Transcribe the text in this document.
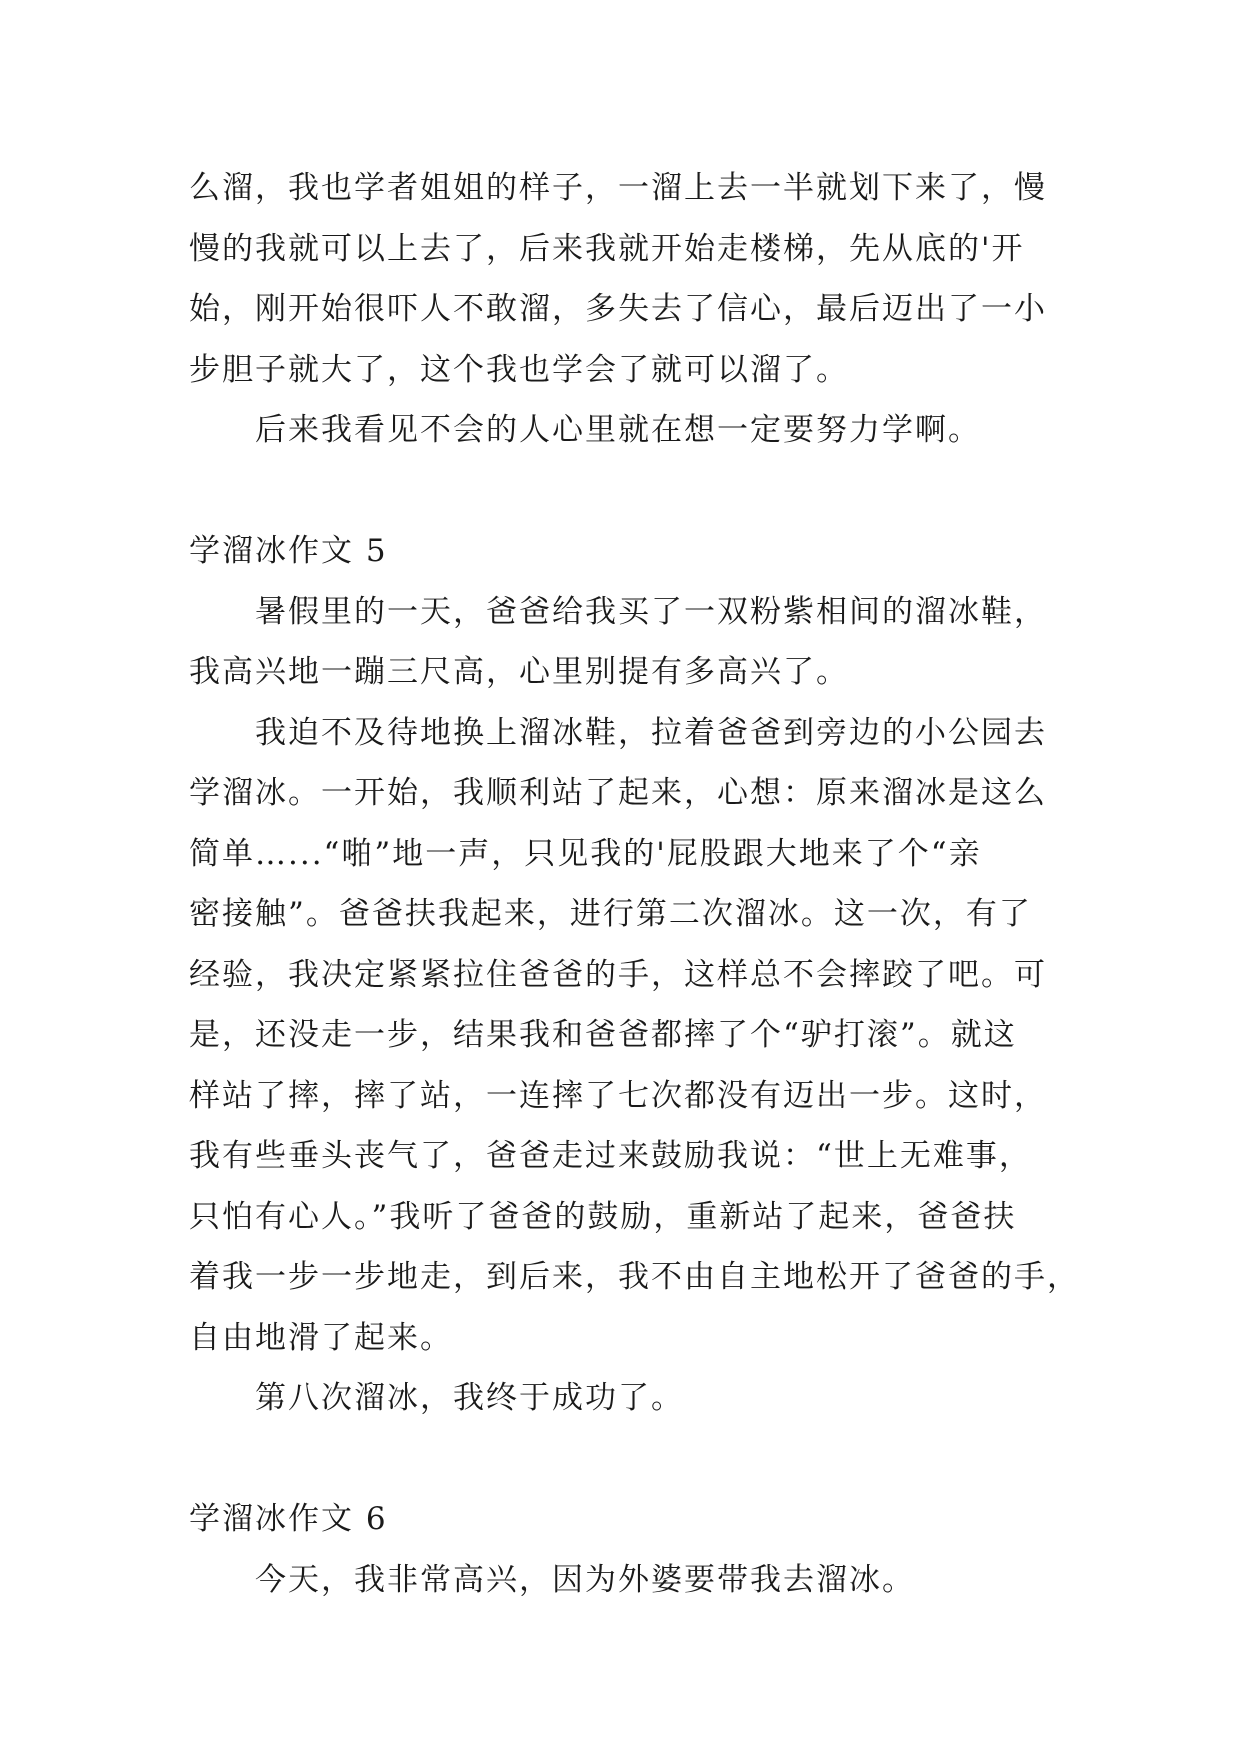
么溜，我也学者姐姐的样子，一溜上去一半就划下来了，慢
慢的我就可以上去了，后来我就开始走楼梯，先从底的'开
始，刚开始很吓人不敢溜，多失去了信心，最后迈出了一小
步胆子就大了，这个我也学会了就可以溜了。
后来我看见不会的人心里就在想一定要努力学啊。
学溜冰作文 5
暑假里的一天，爸爸给我买了一双粉紫相间的溜冰鞋，
我高兴地一蹦三尺高，心里别提有多高兴了。
我迫不及待地换上溜冰鞋，拉着爸爸到旁边的小公园去
学溜冰。一开始，我顺利站了起来，心想：原来溜冰是这么
简单…...“啪”地一声，只见我的'屁股跟大地来了个“亲
密接触”。爸爸扶我起来，进行第二次溜冰。这一次，有了
经验，我决定紧紧拉住爸爸的手，这样总不会摔跤了吧。可
是，还没走一步，结果我和爸爸都摔了个“驴打滚”。就这
样站了摔，摔了站，一连摔了七次都没有迈出一步。这时，
我有些垂头丧气了，爸爸走过来鼓励我说：“世上无难事，
只怕有心人。”我听了爸爸的鼓励，重新站了起来，爸爸扶
着我一步一步地走，到后来，我不由自主地松开了爸爸的手，
自由地滑了起来。
第八次溜冰，我终于成功了。
学溜冰作文 6
今天，我非常高兴，因为外婆要带我去溜冰。
